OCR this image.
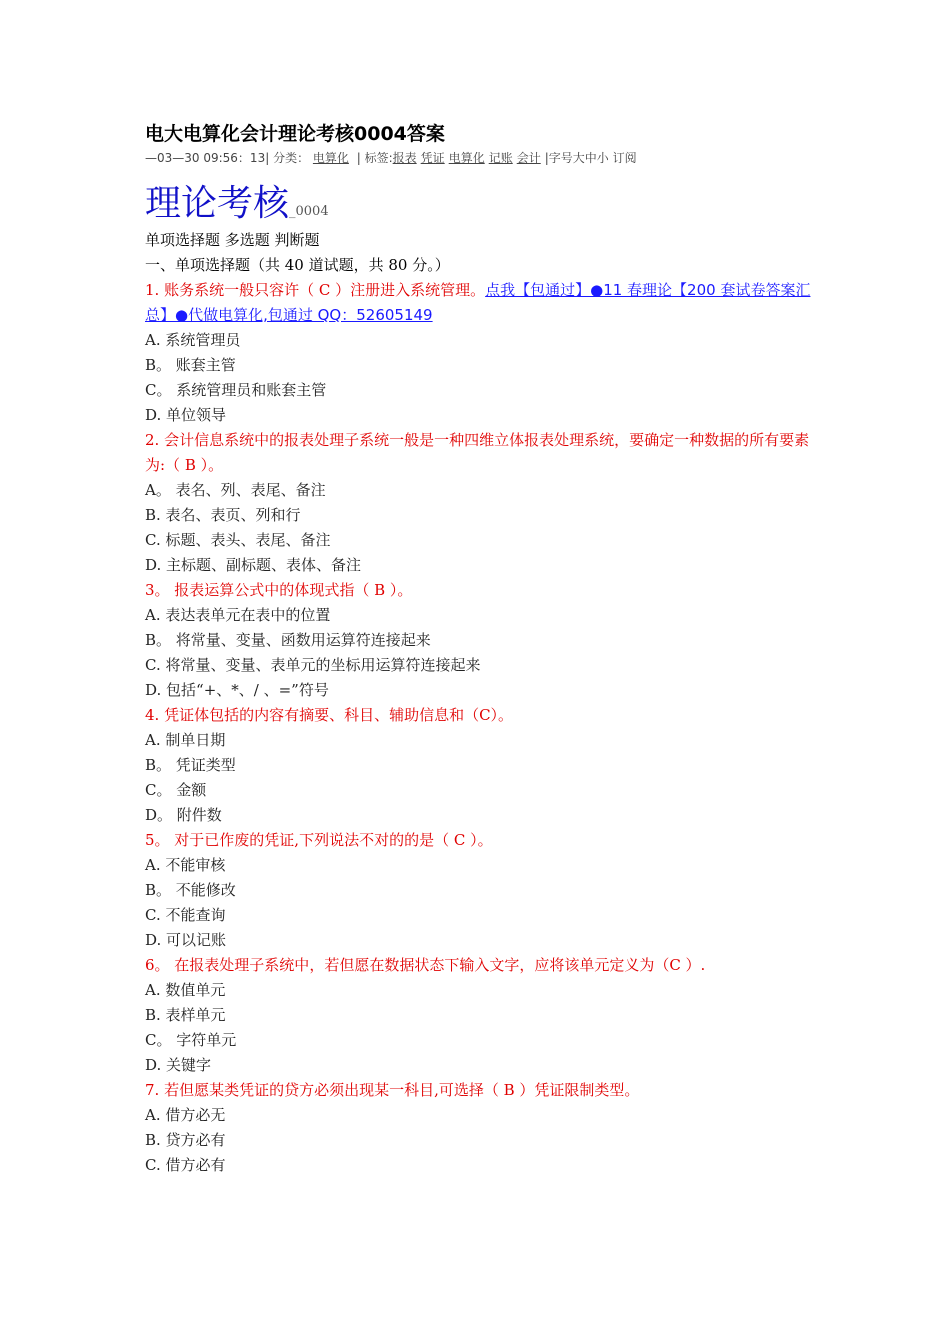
电大电算化会计理论考核0004答案
—03—30 09:56：13| 分类： 电算化 | 标签:报表 凭证 电算化 记账 会计 |字号大中小 订阅
理论考核_0004
单项选择题 多选题 判断题
一、单项选择题（共 40 道试题，共 80 分。）
1. 账务系统一般只容许（ C ）注册进入系统管理。点我【包通过】●11 春理论【200 套试卷答案汇总】●代做电算化,包通过 QQ：52605149
A. 系统管理员
B。 账套主管
C。 系统管理员和账套主管
D. 单位领导
2. 会计信息系统中的报表处理子系统一般是一种四维立体报表处理系统，要确定一种数据的所有要素为:（ B ）。
A。 表名、列、表尾、备注
B. 表名、表页、列和行
C. 标题、表头、表尾、备注
D. 主标题、副标题、表体、备注
3。 报表运算公式中的体现式指（ B ）。
A. 表达表单元在表中的位置
B。 将常量、变量、函数用运算符连接起来
C. 将常量、变量、表单元的坐标用运算符连接起来
D. 包括“+、*、/ 、=”符号
4. 凭证体包括的内容有摘要、科目、辅助信息和（C）。
A. 制单日期
B。 凭证类型
C。 金额
D。 附件数
5。 对于已作废的凭证,下列说法不对的的是（ C ）。
A. 不能审核
B。 不能修改
C. 不能查询
D. 可以记账
6。 在报表处理子系统中，若但愿在数据状态下输入文字，应将该单元定义为（C ）.
A. 数值单元
B. 表样单元
C。 字符单元
D. 关键字
7. 若但愿某类凭证的贷方必须出现某一科目,可选择（ B ）凭证限制类型。
A. 借方必无
B. 贷方必有
C. 借方必有
